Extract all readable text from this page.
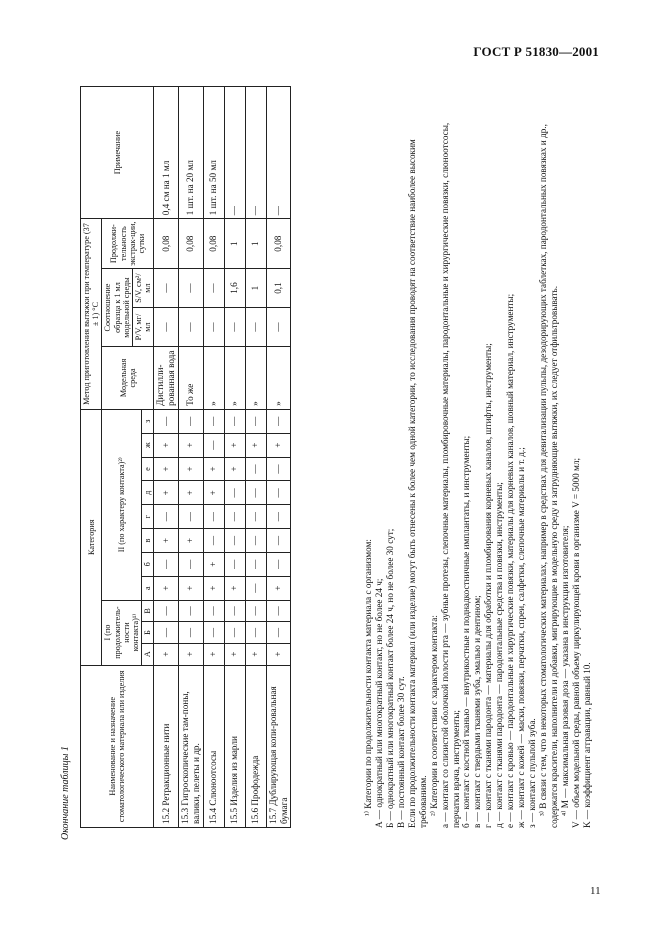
ГОСТ Р 51830—2001
Окончание таблицы 1	Наименование и назначение стоматологического материала или изделия	Категория											Метод приготовления вытяжки при температуре (37 ± 1) °С				Примечание
	I (по продолжитель-ности контакта)¹⁾			II (по характеру контакта)²⁾								Модельная среда	Соотношение образца к 1 мл модельной среды		Продолжи-тельность экстрак-ции, сутки	
													P/V, мг/мл	S/V, см²/мл		
	А	Б	В	а	б	в	г	д	е	ж	з					
15.2 Ретракционные нити	+	—	—	+	—	+	—	+	+	+	—	Дистилли-рованная вода	—	—	0,08	0,4 см на 1 мл
15.3 Гигроскопические там-поны, валики, пелеты и др.	+	—	—	+	—	+	—	+	+	+	—	То же	—	—	0,08	1 шт. на 20 мл
15.4 Слюноотсосы	+	—	—	+	+	—	—	+	+	—	—	»	—	—	0,08	1 шт. на 50 мл
15.5 Изделия из марли	+	—	—	+	—	—	—	—	+	+	—	»	—	1,6	1	—
15.6 Профодежда	+	—	—	—	—	—	—	—	—	+	—	»	—	1	1	—
15.7 Дублирующая копи-ровальная бумага	+	—	—	+	—	—	—	—	—	+	—	»	—	0,1	0,08	—

¹⁾ Категории по продолжительности контакта материала с организмом: А — однократный или многократный контакт, но не более 24 ч; Б — однократный или многократный контакт более 24 ч, но не более 30 сут; В — постоянный контакт более 30 сут. Если по продолжительности контакта материал (или изделие) могут быть отнесены к более чем одной категории, то исследования проводят на соответствие наиболее высоким требованиям. ²⁾ Категории в соответствии с характером контакта: а — контакт со слизистой оболочкой полости рта — зубные протезы, слепочные материалы, пломбировочные материалы, пародонтальные и хирургические повязки, слюноотсосы, перчатки врача, инструменты; б — контакт с костной тканью — внутрикостные и поднадкостничные имплантаты, и инструменты; в — контакт с твердыми тканями зуба, эмалью и дентином; г — контакт с тканями пародонта — материалы для обработки и пломбирования корневых каналов, штифты, инструменты; д — контакт с тканями пародонта — пародонтальные средства и повязки, инструменты; е — контакт с кровью — пародонтальные и хирургические повязки, материалы для корневых каналов, шовный материал, инструменты; ж — контакт с кожей — маски, повязки, перчатки, спреи, салфетки, слепочные материалы и т. д.; з — контакт с пульпой зуба. ³⁾ В связи с тем, что в некоторых стоматологических материалах, например в средствах для девитализации пульпы, дезодорирующих таблетках, пародонтальных повязках и др., содержатся красители, наполнители и добавки, мигрирующие в модельную среду и затрудняющие вытяжки, их следует отфильтровывать. ⁴⁾ М — максимальная разовая доза — указана в инструкции изготовителя; V — объем модельной среды, равной объему циркулирующей крови в организме V = 5000 мл; K — коэффициент аггравации, равный 10.

11
